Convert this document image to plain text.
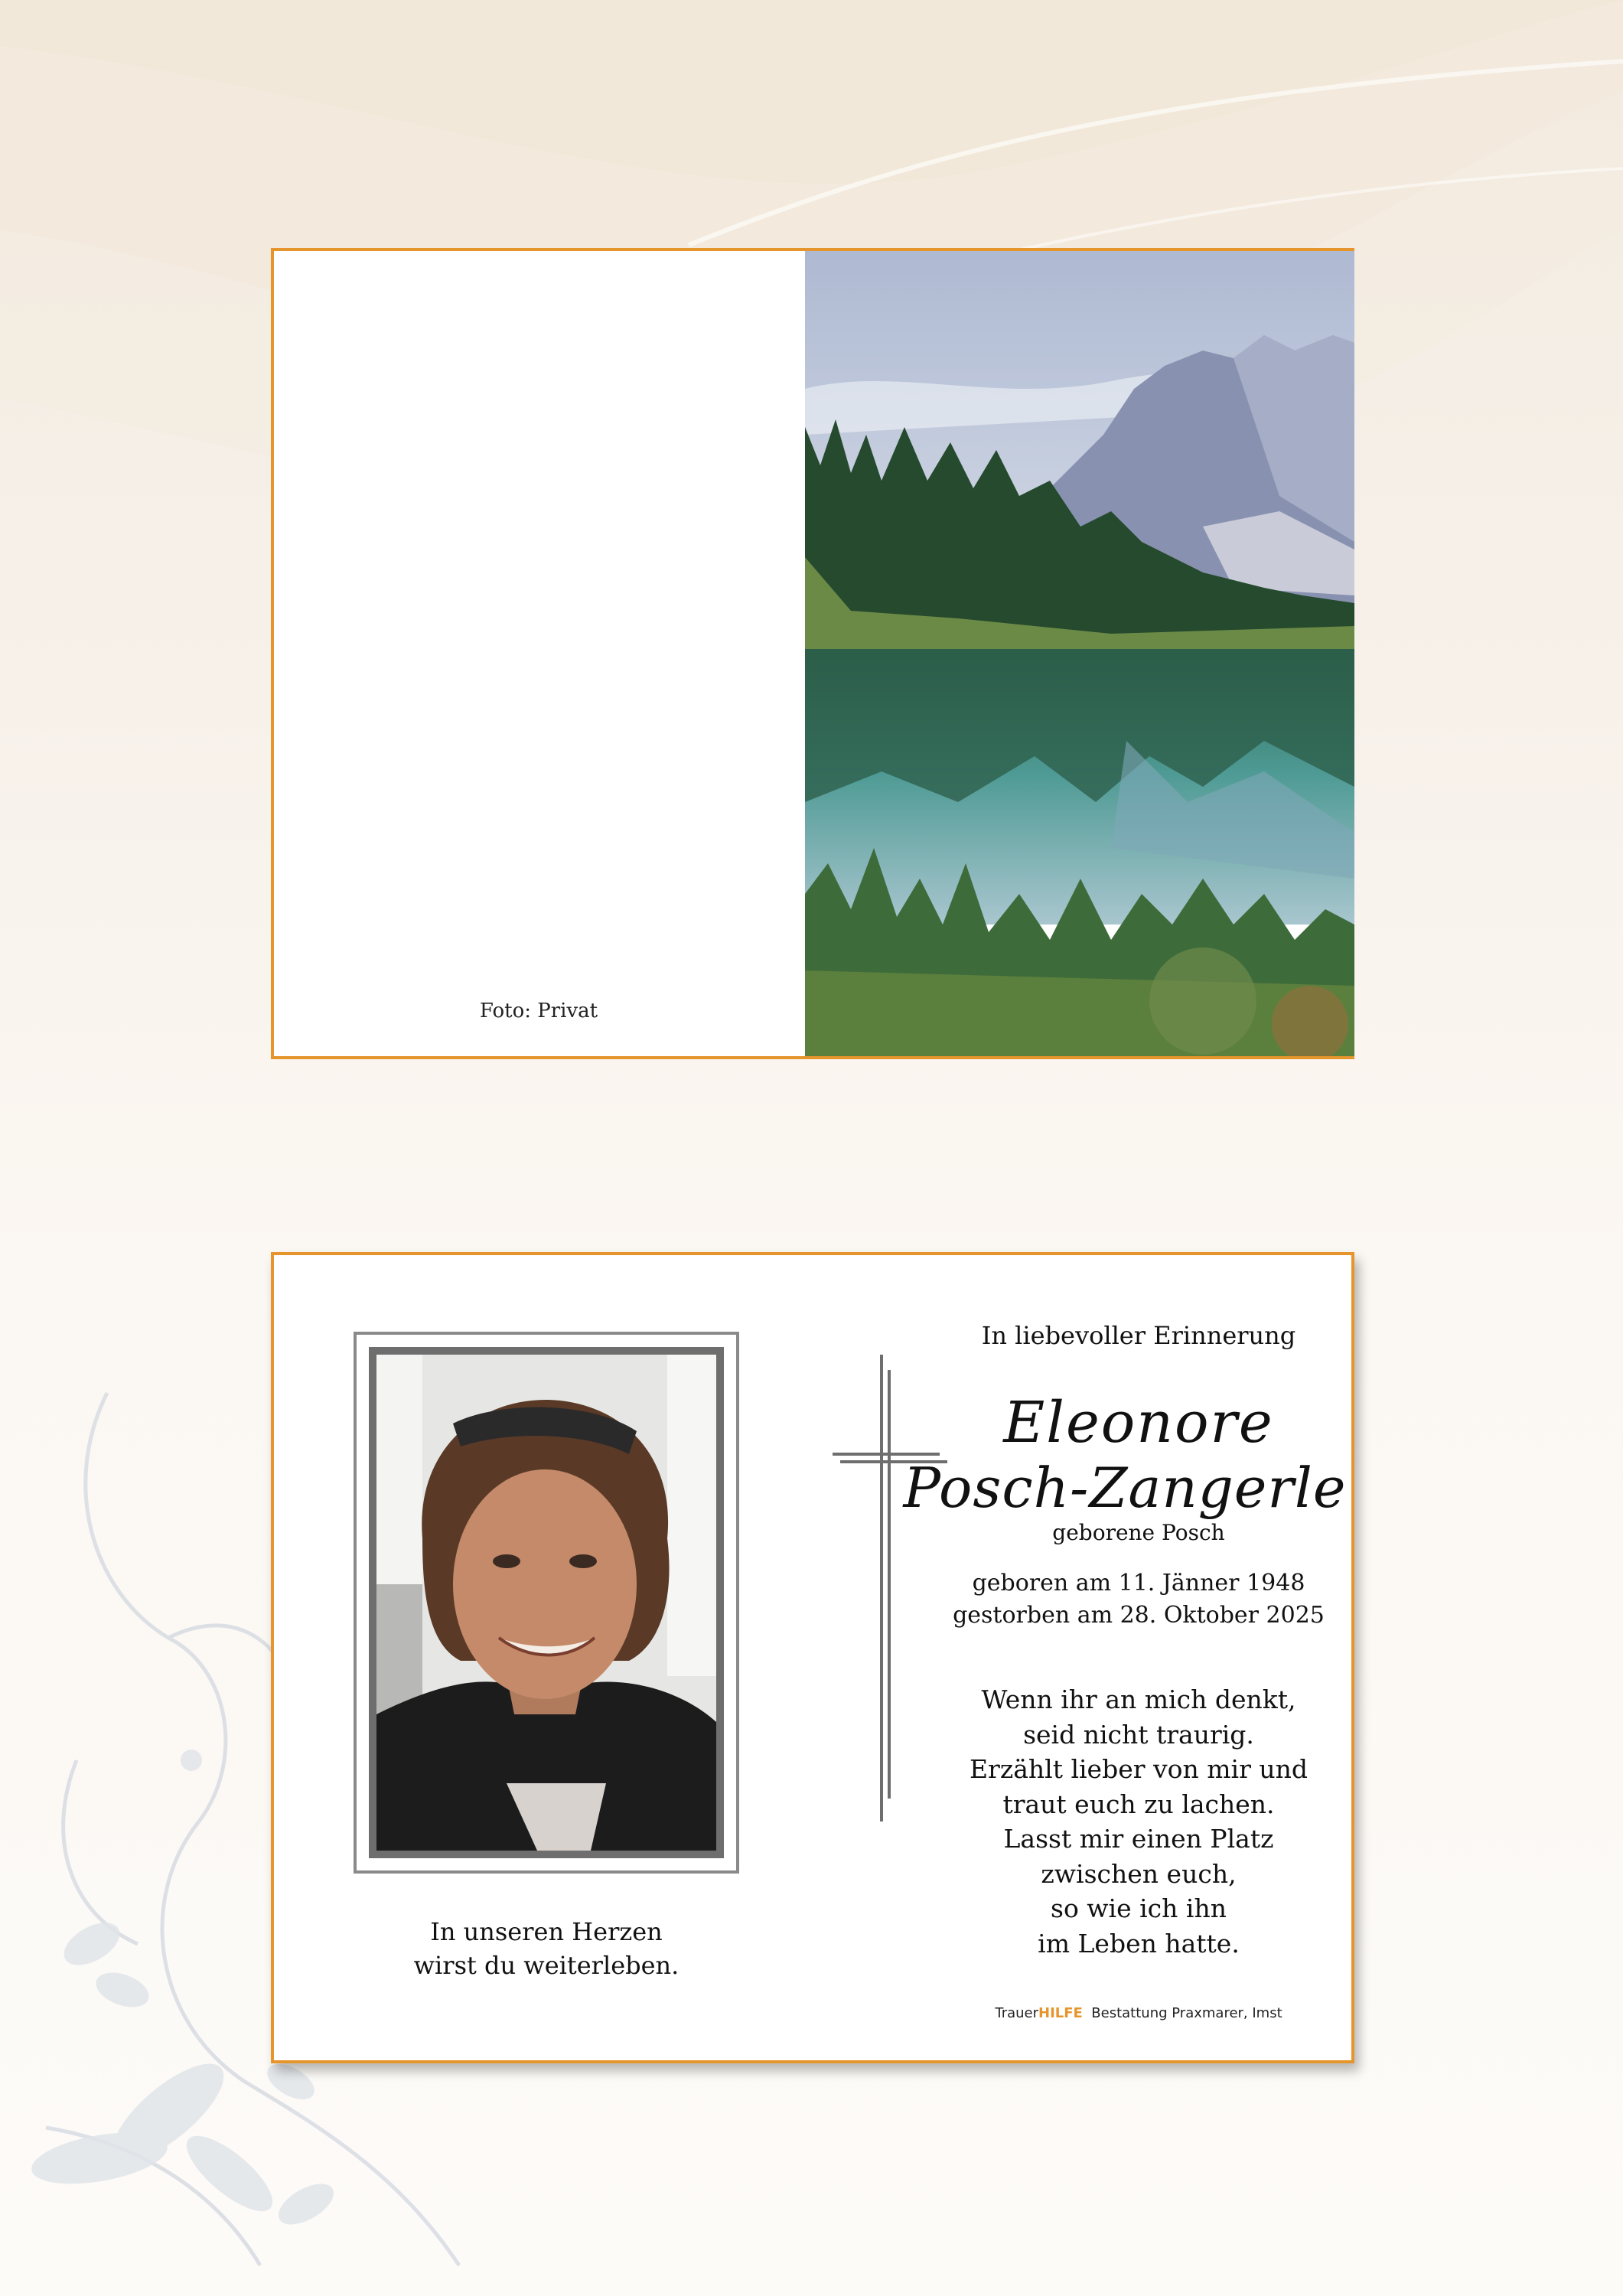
Foto: Privat
In unseren Herzen
wirst du weiterleben.
In liebevoller Erinnerung
Eleonore
Posch-Zangerle
geborene Posch
geboren am 11. Jänner 1948
gestorben am 28. Oktober 2025
Wenn ihr an mich denkt,
seid nicht traurig.
Erzählt lieber von mir und
traut euch zu lachen.
Lasst mir einen Platz
zwischen euch,
so wie ich ihn
im Leben hatte.
TrauerHILFE Bestattung Praxmarer, Imst
